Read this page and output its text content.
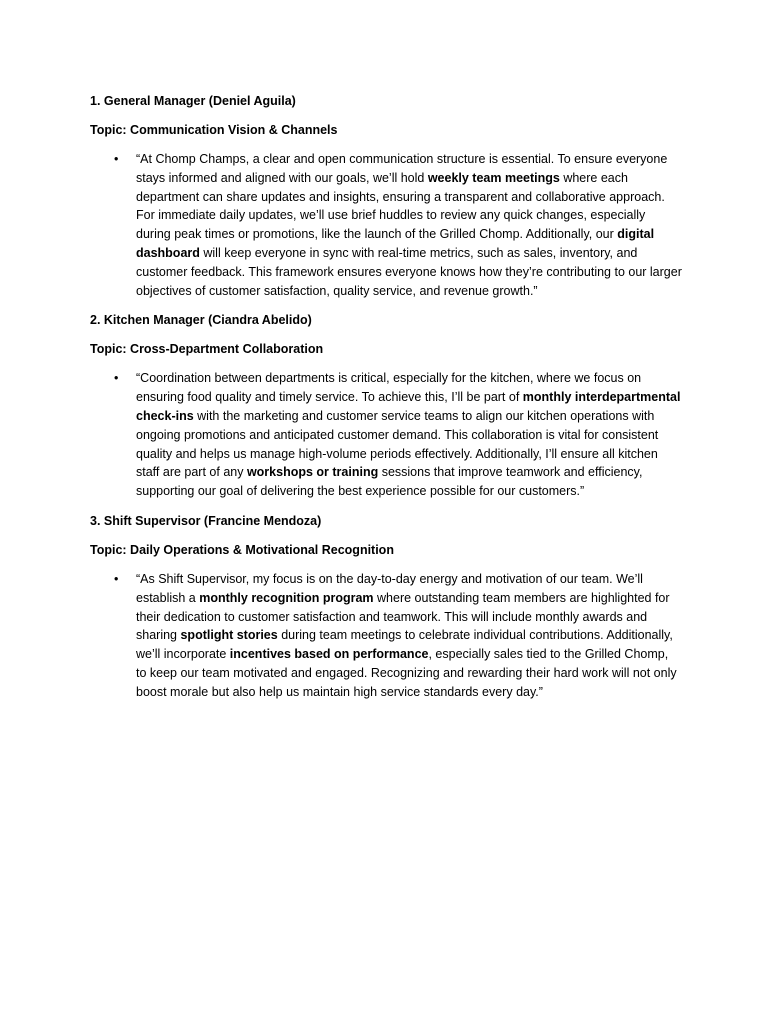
1. General Manager (Deniel Aguila)

Topic: Communication Vision & Channels

• “At Chomp Champs, a clear and open communication structure is essential. To ensure everyone stays informed and aligned with our goals, we’ll hold weekly team meetings where each department can share updates and insights, ensuring a transparent and collaborative approach. For immediate daily updates, we’ll use brief huddles to review any quick changes, especially during peak times or promotions, like the launch of the Grilled Chomp. Additionally, our digital dashboard will keep everyone in sync with real-time metrics, such as sales, inventory, and customer feedback. This framework ensures everyone knows how they’re contributing to our larger objectives of customer satisfaction, quality service, and revenue growth.”

2. Kitchen Manager (Ciandra Abelido)

Topic: Cross-Department Collaboration

• “Coordination between departments is critical, especially for the kitchen, where we focus on ensuring food quality and timely service. To achieve this, I’ll be part of monthly interdepartmental check-ins with the marketing and customer service teams to align our kitchen operations with ongoing promotions and anticipated customer demand. This collaboration is vital for consistent quality and helps us manage high-volume periods effectively. Additionally, I’ll ensure all kitchen staff are part of any workshops or training sessions that improve teamwork and efficiency, supporting our goal of delivering the best experience possible for our customers.”

3. Shift Supervisor (Francine Mendoza)

Topic: Daily Operations & Motivational Recognition

• “As Shift Supervisor, my focus is on the day-to-day energy and motivation of our team. We’ll establish a monthly recognition program where outstanding team members are highlighted for their dedication to customer satisfaction and teamwork. This will include monthly awards and sharing spotlight stories during team meetings to celebrate individual contributions. Additionally, we’ll incorporate incentives based on performance, especially sales tied to the Grilled Chomp, to keep our team motivated and engaged. Recognizing and rewarding their hard work will not only boost morale but also help us maintain high service standards every day.”
